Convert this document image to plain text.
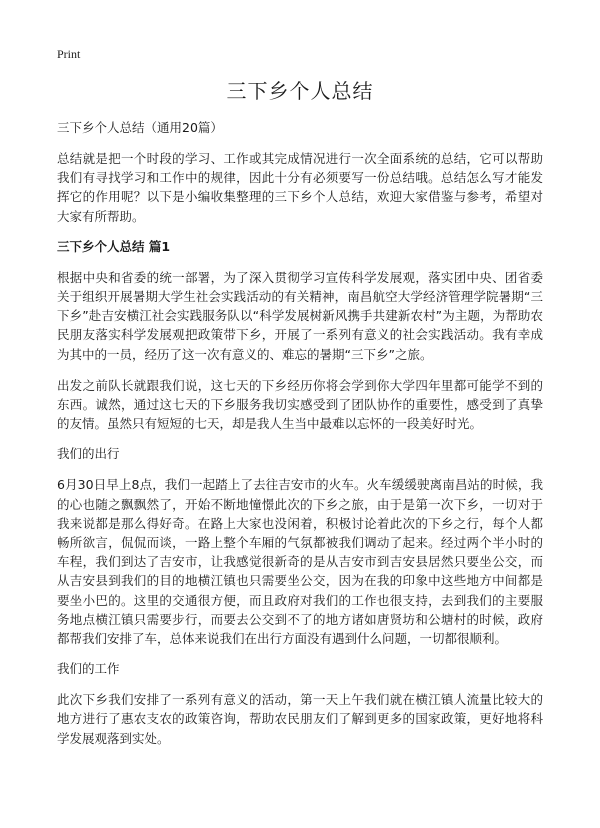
Print
三下乡个人总结
三下乡个人总结（通用20篇）

总结就是把一个时段的学习、工作或其完成情况进行一次全面系统的总结，它可以帮助我们有寻找学习和工作中的规律，因此十分有必须要写一份总结哦。总结怎么写才能发挥它的作用呢？以下是小编收集整理的三下乡个人总结，欢迎大家借鉴与参考，希望对大家有所帮助。

三下乡个人总结 篇1

根据中央和省委的统一部署，为了深入贯彻学习宣传科学发展观，落实团中央、团省委关于组织开展暑期大学生社会实践活动的有关精神，南昌航空大学经济管理学院暑期“三下乡”赴吉安横江社会实践服务队以“科学发展树新风携手共建新农村”为主题，为帮助农民朋友落实科学发展观把政策带下乡，开展了一系列有意义的社会实践活动。我有幸成为其中的一员，经历了这一次有意义的、难忘的暑期“三下乡”之旅。

出发之前队长就跟我们说，这七天的下乡经历你将会学到你大学四年里都可能学不到的东西。诚然，通过这七天的下乡服务我切实感受到了团队协作的重要性，感受到了真挚的友情。虽然只有短短的七天，却是我人生当中最难以忘怀的一段美好时光。

我们的出行

6月30日早上8点，我们一起踏上了去往吉安市的火车。火车缓缓驶离南昌站的时候，我的心也随之飘飘然了，开始不断地憧憬此次的下乡之旅，由于是第一次下乡，一切对于我来说都是那么得好奇。在路上大家也没闲着，积极讨论着此次的下乡之行，每个人都畅所欲言，侃侃而谈，一路上整个车厢的气氛都被我们调动了起来。经过两个半小时的车程，我们到达了吉安市，让我感觉很新奇的是从吉安市到吉安县居然只要坐公交，而从吉安县到我们的目的地横江镇也只需要坐公交，因为在我的印象中这些地方中间都是要坐小巴的。这里的交通很方便，而且政府对我们的工作也很支持，去到我们的主要服务地点横江镇只需要步行，而要去公交到不了的地方诸如唐贤坊和公塘村的时候，政府都帮我们安排了车，总体来说我们在出行方面没有遇到什么问题，一切都很顺利。

我们的工作

此次下乡我们安排了一系列有意义的活动，第一天上午我们就在横江镇人流量比较大的地方进行了惠农支农的政策咨询，帮助农民朋友们了解到更多的国家政策，更好地将科学发展观落到实处。
